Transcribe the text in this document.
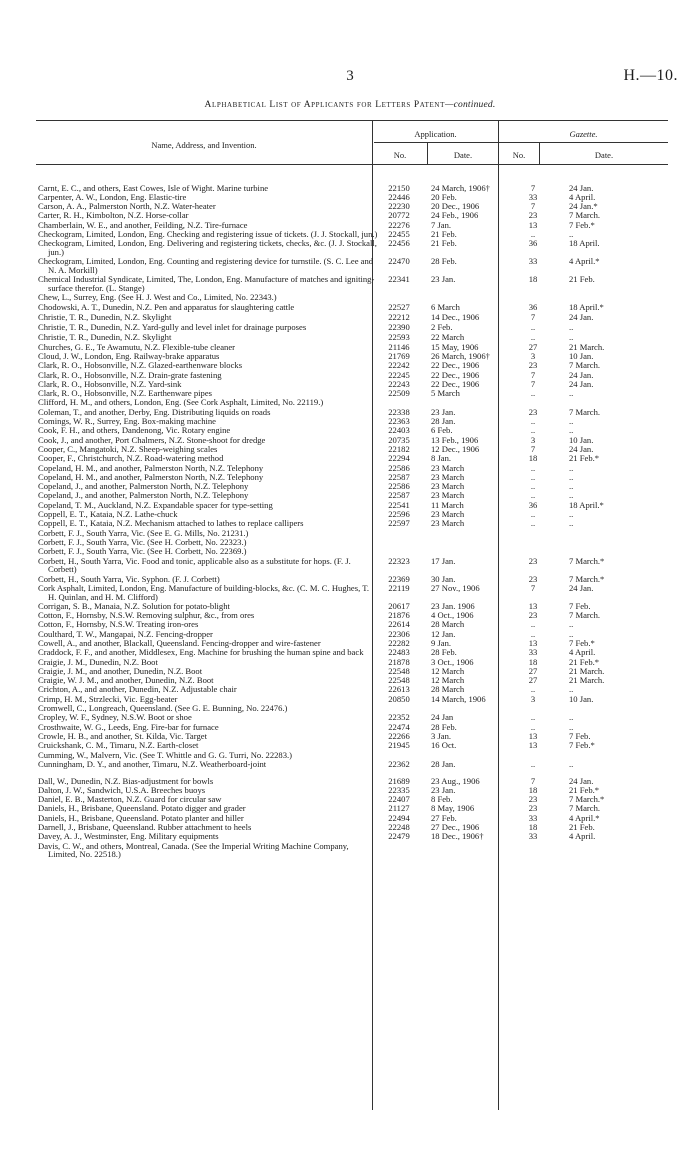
3	H.—10.
Alphabetical List of Applicants for Letters Patent—continued.
Name, Address, and Invention.
Application.	Gazette.
No.	Date.	No.	Date.
Carnt, E. C., and others, East Cowes, Isle of Wight. Marine turbine	22150	24 March, 1906†	7	24 Jan.
Carpenter, A. W., London, Eng. Elastic-tire	22446	20 Feb.	33	4 April.
Carson, A. A., Palmerston North, N.Z. Water-heater	22230	20 Dec., 1906	7	24 Jan.*
Carter, R. H., Kimbolton, N.Z. Horse-collar	20772	24 Feb., 1906	23	7 March.
Chamberlain, W. E., and another, Feilding, N.Z. Tire-furnace	22276	7 Jan.	13	7 Feb.*
Checkogram, Limited, London, Eng. Checking and registering issue of tickets. (J. J. Stockall, jun.)	22455	21 Feb.	..	..
Checkogram, Limited, London, Eng. Delivering and registering tickets, checks, &c. (J. J. Stockall, jun.)
22456	21 Feb.	36	18 April.
Checkogram, Limited, London, Eng. Counting and registering device for turnstile. (S. C. Lee and N. A. Morkill)
22470	28 Feb.	33	4 April.*
Chemical Industrial Syndicate, Limited, The, London, Eng. Manufacture of matches and igniting-surface therefor. (L. Stange)
22341	23 Jan.	18	21 Feb.
Chew, L., Surrey, Eng. (See H. J. West and Co., Limited, No. 22343.)
Chodowski, A. T., Dunedin, N.Z. Pen and apparatus for slaughtering cattle	22527	6 March	36	18 April.*
Christie, T. R., Dunedin, N.Z. Skylight	22212	14 Dec., 1906	7	24 Jan.
Christie, T. R., Dunedin, N.Z. Yard-gully and level inlet for drainage purposes	22390	2 Feb.	..	..
Christie, T. R., Dunedin, N.Z. Skylight	22593	22 March	..	..
Churches, G. E., Te Awamutu, N.Z. Flexible-tube cleaner	21146	15 May, 1906	27	21 March.
Cloud, J. W., London, Eng. Railway-brake apparatus	21769	26 March, 1906†	3	10 Jan.
Clark, R. O., Hobsonville, N.Z. Glazed-earthenware blocks	22242	22 Dec., 1906	23	7 March.
Clark, R. O., Hobsonville, N.Z. Drain-grate fastening	22245	22 Dec., 1906	7	24 Jan.
Clark, R. O., Hobsonville, N.Z. Yard-sink	22243	22 Dec., 1906	7	24 Jan.
Clark, R. O., Hobsonville, N.Z. Earthenware pipes	22509	5 March	..	..
Clifford, H. M., and others, London, Eng. (See Cork Asphalt, Limited, No. 22119.)
Coleman, T., and another, Derby, Eng. Distributing liquids on roads	22338	23 Jan.	23	7 March.
Comings, W. R., Surrey, Eng. Box-making machine	22363	28 Jan.	..	..
Cook, F. H., and others, Dandenong, Vic. Rotary engine	22403	6 Feb.	..	..
Cook, J., and another, Port Chalmers, N.Z. Stone-shoot for dredge	20735	13 Feb., 1906	3	10 Jan.
Cooper, C., Mangatoki, N.Z. Sheep-weighing scales	22182	12 Dec., 1906	7	24 Jan.
Cooper, F., Christchurch, N.Z. Road-watering method	22294	8 Jan.	18	21 Feb.*
Copeland, H. M., and another, Palmerston North, N.Z. Telephony	22586	23 March	..	..
Copeland, H. M., and another, Palmerston North, N.Z. Telephony	22587	23 March	..	..
Copeland, J., and another, Palmerston North, N.Z. Telephony	22586	23 March	..	..
Copeland, J., and another, Palmerston North, N.Z. Telephony	22587	23 March	..	..
Copeland, T. M., Auckland, N.Z. Expandable spacer for type-setting	22541	11 March	36	18 April.*
Coppell, E. T., Kataia, N.Z. Lathe-chuck	22596	23 March	..	..
Coppell, E. T., Kataia, N.Z. Mechanism attached to lathes to replace callipers	22597	23 March	..	..
Corbett, F. J., South Yarra, Vic. (See E. G. Mills, No. 21231.)
Corbett, F. J., South Yarra, Vic. (See H. Corbett, No. 22323.)
Corbett, F. J., South Yarra, Vic. (See H. Corbett, No. 22369.)
Corbett, H., South Yarra, Vic. Food and tonic, applicable also as a substitute for hops. (F. J. Corbett)
22323	17 Jan.	23	7 March.*
Corbett, H., South Yarra, Vic. Syphon. (F. J. Corbett)	22369	30 Jan.	23	7 March.*
Cork Asphalt, Limited, London, Eng. Manufacture of building-blocks, &c. (C. M. C. Hughes, T. H. Quinlan, and H. M. Clifford)
22119	27 Nov., 1906	7	24 Jan.
Corrigan, S. B., Manaia, N.Z. Solution for potato-blight	20617	23 Jan. 1906	13	7 Feb.
Cotton, F., Hornsby, N.S.W. Removing sulphur, &c., from ores	21876	4 Oct., 1906	23	7 March.
Cotton, F., Hornsby, N.S.W. Treating iron-ores	22614	28 March	..	..
Coulthard, T. W., Mangapai, N.Z. Fencing-dropper	22306	12 Jan.	..	..
Cowell, A., and another, Blackall, Queensland. Fencing-dropper and wire-fastener	22282	9 Jan.	13	7 Feb.*
Craddock, F. F., and another, Middlesex, Eng. Machine for brushing the human spine and back	22483	28 Feb.	33	4 April.
Craigie, J. M., Dunedin, N.Z. Boot	21878	3 Oct., 1906	18	21 Feb.*
Craigie, J. M., and another, Dunedin, N.Z. Boot	22548	12 March	27	21 March.
Craigie, W. J. M., and another, Dunedin, N.Z. Boot	22548	12 March	27	21 March.
Crichton, A., and another, Dunedin, N.Z. Adjustable chair	22613	28 March	..	..
Crimp, H. M., Strzlecki, Vic. Egg-beater	20850	14 March, 1906	3	10 Jan.
Cromwell, C., Longreach, Queensland. (See G. E. Bunning, No. 22476.)
Cropley, W. F., Sydney, N.S.W. Boot or shoe	22352	24 Jan	..	..
Crosthwaite, W. G., Leeds, Eng. Fire-bar for furnace	22474	28 Feb.	..	..
Crowle, H. B., and another, St. Kilda, Vic. Target	22266	3 Jan.	13	7 Feb.
Cruickshank, C. M., Timaru, N.Z. Earth-closet	21945	16 Oct.	13	7 Feb.*
Cumming, W., Malvern, Vic. (See T. Whittle and G. G. Turri, No. 22283.)
Cunningham, D. Y., and another, Timaru, N.Z. Weatherboard-joint	22362	28 Jan.	..	..
Dall, W., Dunedin, N.Z. Bias-adjustment for bowls	21689	23 Aug., 1906	7	24 Jan.
Dalton, J. W., Sandwich, U.S.A. Breeches buoys	22335	23 Jan.	18	21 Feb.*
Daniel, E. B., Masterton, N.Z. Guard for circular saw	22407	8 Feb.	23	7 March.*
Daniels, H., Brisbane, Queensland. Potato digger and grader	21127	8 May, 1906	23	7 March.
Daniels, H., Brisbane, Queensland. Potato planter and hiller	22494	27 Feb.	33	4 April.*
Darnell, J., Brisbane, Queensland. Rubber attachment to heels	22248	27 Dec., 1906	18	21 Feb.
Davey, A. J., Westminster, Eng. Military equipments	22479	18 Dec., 1906†	33	4 April.
Davis, C. W., and others, Montreal, Canada. (See the Imperial Writing Machine Company, Limited, No. 22518.)
